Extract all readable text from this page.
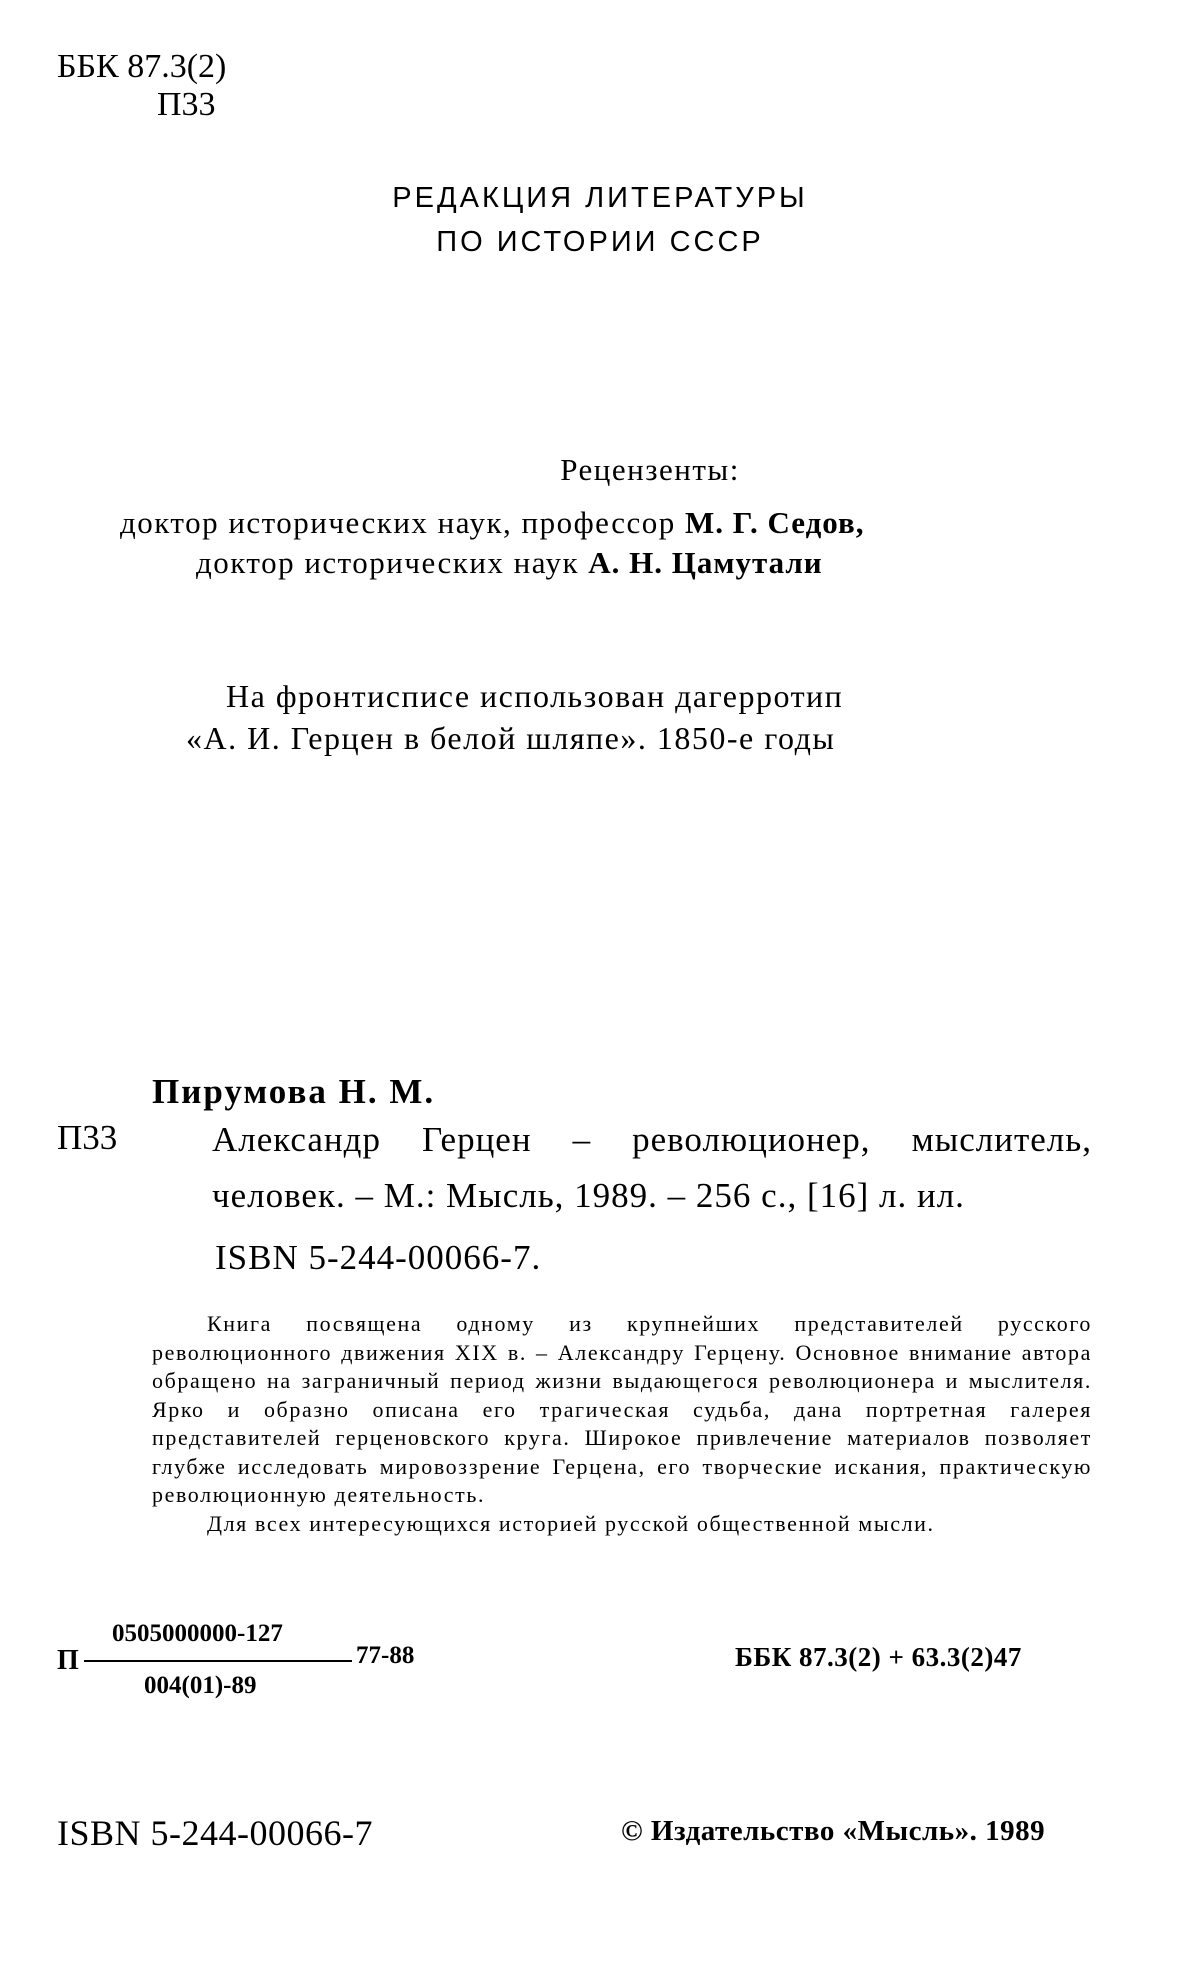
ББК 87.3(2)
П33
РЕДАКЦИЯ ЛИТЕРАТУРЫ
ПО ИСТОРИИ СССР
Рецензенты:
доктор исторических наук, профессор М. Г. Седов,
доктор исторических наук А. Н. Цамутали
На фронтисписе использован дагерротип
«А. И. Герцен в белой шляпе». 1850-е годы
Пирумова Н. М.
П33	Александр Герцен – революционер, мыслитель, человек. – М.: Мысль, 1989. – 256 с., [16] л. ил.
ISBN 5-244-00066-7.

Книга посвящена одному из крупнейших представителей русского революционного движения XIX в. – Александру Герцену. Основное внимание автора обращено на заграничный период жизни выдающегося революционера и мыслителя. Ярко и образно описана его трагическая судьба, дана портретная галерея представителей герценовского круга. Широкое привлечение материалов позволяет глубже исследовать мировоззрение Герцена, его творческие искания, практическую революционную деятельность.

Для всех интересующихся историей русской общественной мысли.

П
0505000000-127
004(01)-89
77-88	ББК 87.3(2) + 63.3(2)47
ISBN 5-244-00066-7	© Издательство «Мысль». 1989
